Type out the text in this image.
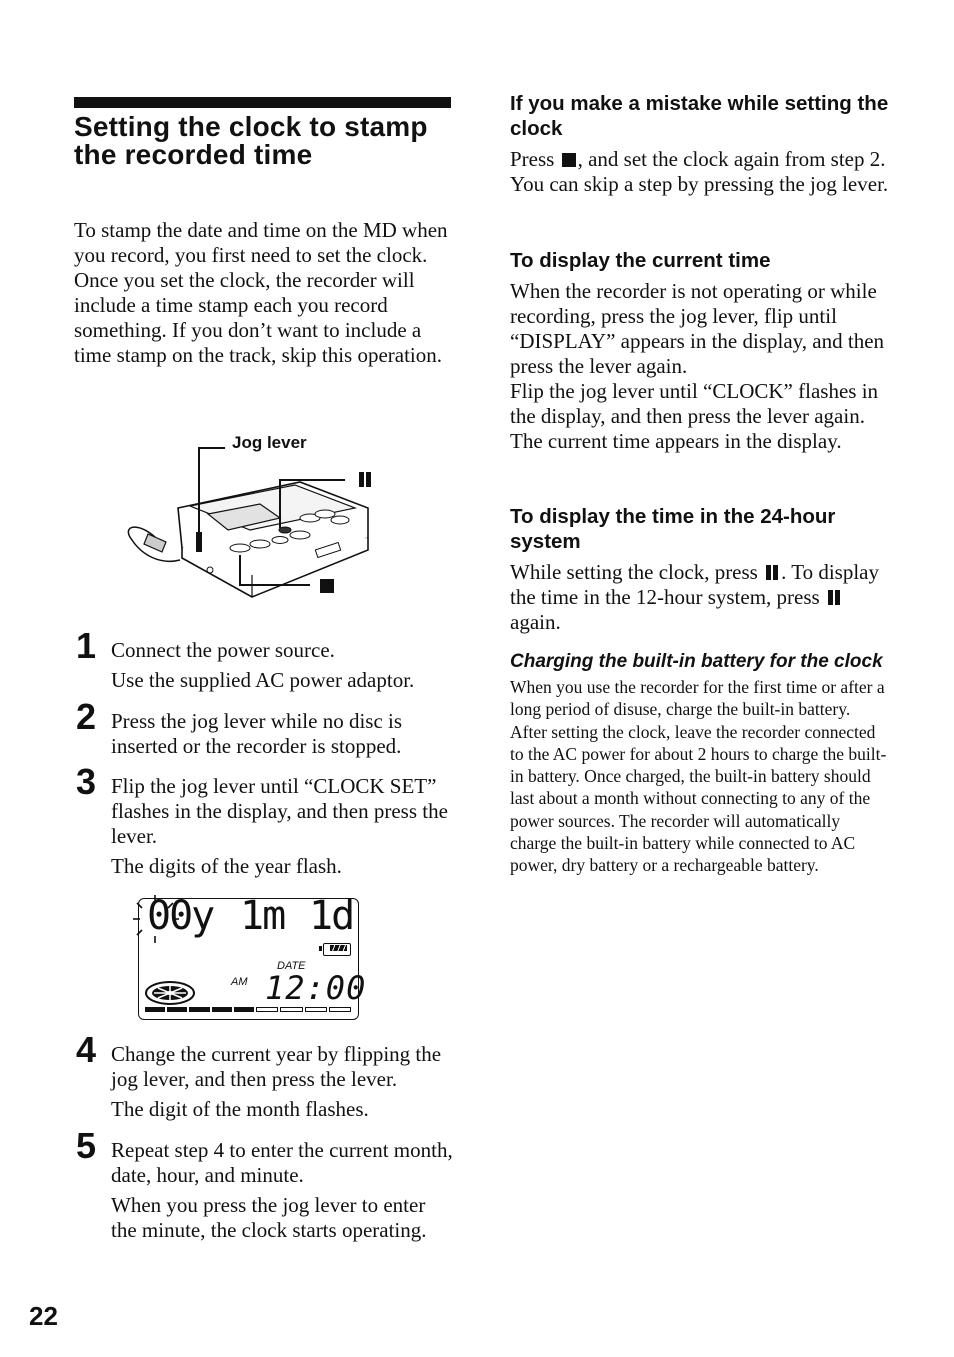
Setting the clock to stamp the recorded time

To stamp the date and time on the MD when you record, you first need to set the clock.

Once you set the clock, the recorder will include a time stamp each you record something. If you don’t want to include a time stamp on the track, skip this operation.

Jog lever
1 Connect the power source.

Use the supplied AC power adaptor.

2 Press the jog lever while no disc is inserted or the recorder is stopped.

3 Flip the jog lever until “CLOCK SET” flashes in the display, and then press the lever.

The digits of the year flash.

00y 1m 1d
DATE
AM 12:00
4 Change the current year by flipping the jog lever, and then press the lever.

The digit of the month flashes.

5 Repeat step 4 to enter the current month, date, hour, and minute.

When you press the jog lever to enter the minute, the clock starts operating.

22
If you make a mistake while setting the clock

Press , and set the clock again from step 2. You can skip a step by pressing the jog lever.

To display the current time

When the recorder is not operating or while recording, press the jog lever, flip until “DISPLAY” appears in the display, and then press the lever again.

Flip the jog lever until “CLOCK” flashes in the display, and then press the lever again. The current time appears in the display.

To display the time in the 24-hour system

While setting the clock, press . To display the time in the 12-hour system, press  again.

Charging the built-in battery for the clock

When you use the recorder for the first time or after a long period of disuse, charge the built-in battery. After setting the clock, leave the recorder connected to the AC power for about 2 hours to charge the built-in battery. Once charged, the built-in battery should last about a month without connecting to any of the power sources. The recorder will automatically charge the built-in battery while connected to AC power, dry battery or a rechargeable battery.
